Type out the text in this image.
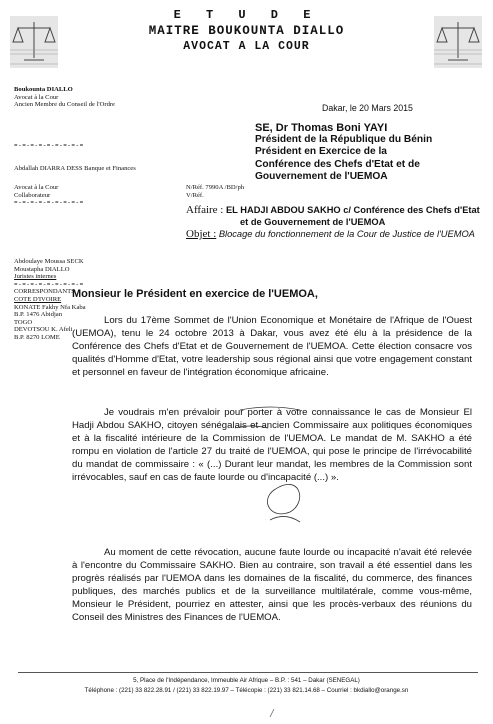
E T U D E
MAITRE BOUKOUNTA DIALLO
AVOCAT A LA COUR
Boukounta DIALLO
Avocat à la Cour
Ancien Membre du Conseil de l'Ordre
=-=-=-=-=-=-=-=-=
Abdallah DIARRA DESS Banque et Finances
Avocat à la Cour
Collaborateur
=-=-=-=-=-=-=-=-=
Abdoulaye Moussa SECK
Moustapha DIALLO
Juristes internes
=-=-=-=-=-=-=-=-=
CORRESPONDANTS
COTE D'IVOIRE
KONATE Fakhy Nfa Kaba
B.P. 1476 Abidjan
TOGO
DEVOTSOU K. Afeli
B.P. 8270 LOME
Dakar, le 20 Mars 2015
SE, Dr Thomas Boni YAYI
Président de la République du Bénin
Président en Exercice de la
Conférence des Chefs d'Etat et de
Gouvernement de l'UEMOA
N/Réf. 7990A /BD/ph
V/Réf.
Affaire : EL HADJI ABDOU SAKHO c/ Conférence des Chefs d'Etat
et de Gouvernement de l'UEMOA
Objet : Blocage du fonctionnement de la Cour de Justice de l'UEMOA
Monsieur le Président en exercice de l'UEMOA,

Lors du 17ème Sommet de l'Union Economique et Monétaire de l'Afrique de l'Ouest (UEMOA), tenu le 24 octobre 2013 à Dakar, vous avez été élu à la présidence de la Conférence des Chefs d'Etat et de Gouvernement de l'UEMOA. Cette élection consacre vos qualités d'Homme d'Etat, votre leadership sous régional ainsi que votre engagement constant et personnel en faveur de l'intégration économique africaine.

Je voudrais m'en prévaloir pour porter à votre connaissance le cas de Monsieur El Hadji Abdou SAKHO, citoyen sénégalais et ancien Commissaire aux politiques économiques et à la fiscalité intérieure de la Commission de l'UEMOA. Le mandat de M. SAKHO a été rompu en violation de l'article 27 du traité de l'UEMOA, qui pose le principe de l'irrévocabilité du mandat de commissaire : « (...) Durant leur mandat, les membres de la Commission sont irrévocables, sauf en cas de faute lourde ou d'incapacité (...) ».

Au moment de cette révocation, aucune faute lourde ou incapacité n'avait été relevée à l'encontre du Commissaire SAKHO. Bien au contraire, son travail a été essentiel dans les progrès réalisés par l'UEMOA dans les domaines de la fiscalité, du commerce, des finances publiques, des marchés publics et de la surveillance multilatérale, comme vous-même, Monsieur le Président, pourriez en attester, ainsi que les procès-verbaux des réunions du Conseil des Ministres des Finances de l'UEMOA.

5, Place de l'Indépendance, Immeuble Air Afrique – B.P. : 541 – Dakar (SENEGAL)
Téléphone : (221) 33 822.28.91 / (221) 33 822.19.97 – Télécopie : (221) 33 821.14.68 – Courriel : bkdiallo@orange.sn
